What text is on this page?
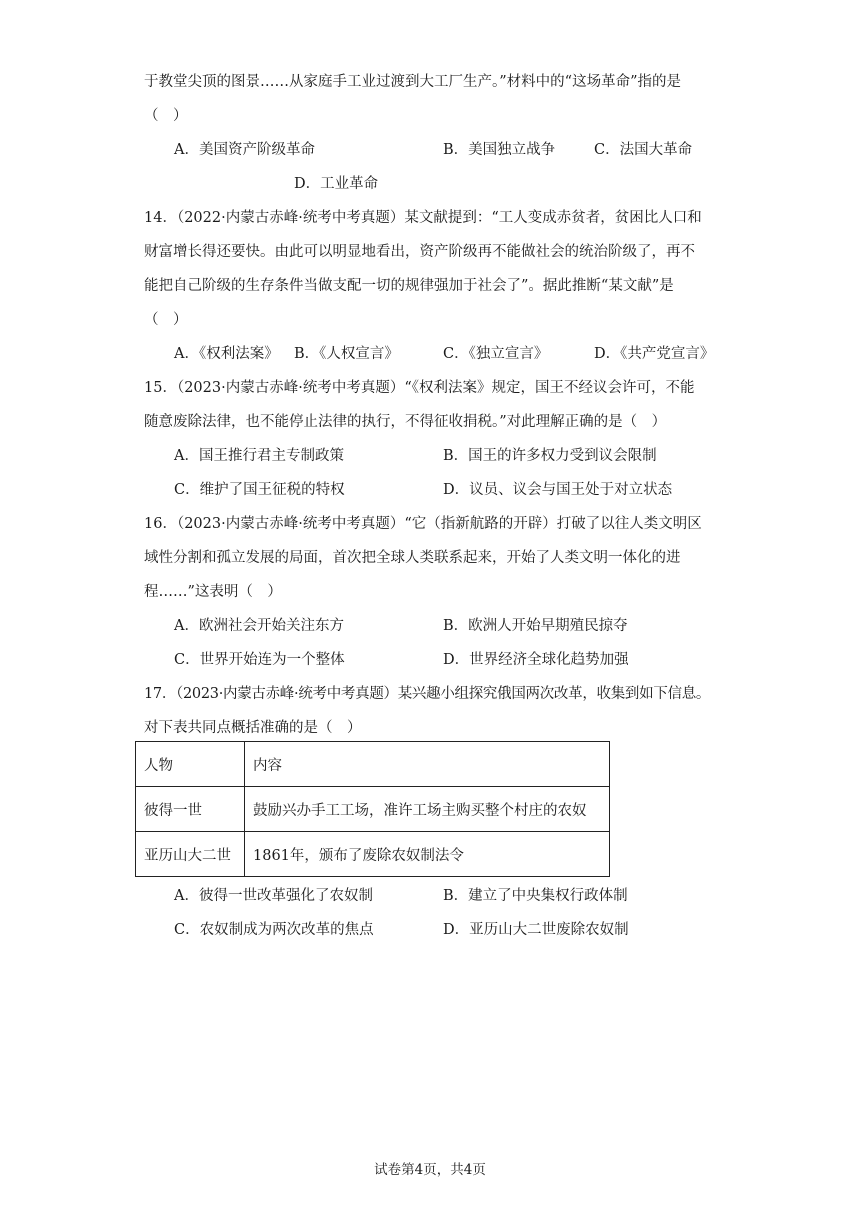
于教堂尖顶的图景……从家庭手工业过渡到大工厂生产。”材料中的“这场革命”指的是
（　）
A．美国资产阶级革命	B．美国独立战争	C．法国大革命
D．工业革命
14．（2022·内蒙古赤峰·统考中考真题）某文献提到：“工人变成赤贫者，贫困比人口和
财富增长得还要快。由此可以明显地看出，资产阶级再不能做社会的统治阶级了，再不
能把自己阶级的生存条件当做支配一切的规律强加于社会了”。据此推断“某文献”是
（　）
A．《权利法案》 B．《人权宣言》	C．《独立宣言》	D．《共产党宣言》
15．（2023·内蒙古赤峰·统考中考真题）“《权利法案》规定，国王不经议会许可，不能
随意废除法律，也不能停止法律的执行，不得征收捐税。”对此理解正确的是（　）
A．国王推行君主专制政策	B．国王的许多权力受到议会限制
C．维护了国王征税的特权	D．议员、议会与国王处于对立状态
16．（2023·内蒙古赤峰·统考中考真题）“它（指新航路的开辟）打破了以往人类文明区
域性分割和孤立发展的局面，首次把全球人类联系起来，开始了人类文明一体化的进
程……”这表明（　）
A．欧洲社会开始关注东方	B．欧洲人开始早期殖民掠夺
C．世界开始连为一个整体	D．世界经济全球化趋势加强
17．（2023·内蒙古赤峰·统考中考真题）某兴趣小组探究俄国两次改革，收集到如下信息。
对下表共同点概括准确的是（　）
人物	内容
彼得一世	鼓励兴办手工工场，准许工场主购买整个村庄的农奴
亚历山大二世	1861年，颁布了废除农奴制法令
A．彼得一世改革强化了农奴制	B．建立了中央集权行政体制
C．农奴制成为两次改革的焦点	D．亚历山大二世废除农奴制
试卷第4页，共4页
